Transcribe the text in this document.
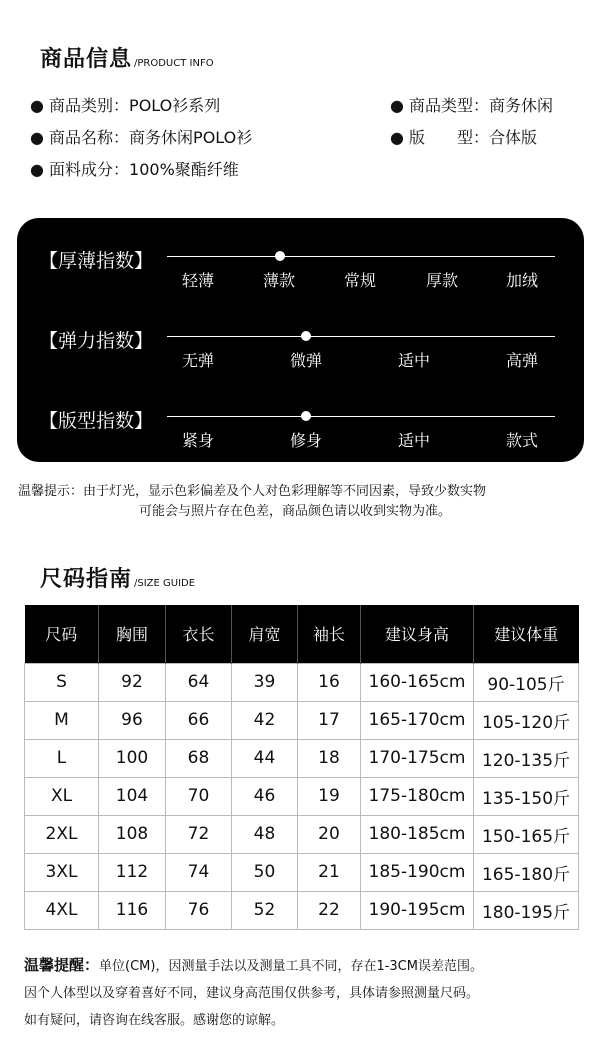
商品信息 /PRODUCT INFO
● 商品类别：POLO衫系列	● 商品类型：商务休闲
● 商品名称：商务休闲POLO衫	● 版　　型：合体版
● 面料成分：100%聚酯纤维
【厚薄指数】
轻薄	薄款	常规	厚款	加绒
【弹力指数】
无弹	微弹	适中	高弹
【版型指数】
紧身	修身	适中	款式
温馨提示：由于灯光，显示色彩偏差及个人对色彩理解等不同因素，导致少数实物
可能会与照片存在色差，商品颜色请以收到实物为准。
尺码指南 /SIZE GUIDE
尺码	胸围	衣长	肩宽	袖长	建议身高	建议体重
S	92	64	39	16	160-165cm	90-105斤
M	96	66	42	17	165-170cm	105-120斤
L	100	68	44	18	170-175cm	120-135斤
XL	104	70	46	19	175-180cm	135-150斤
2XL	108	72	48	20	180-185cm	150-165斤
3XL	112	74	50	21	185-190cm	165-180斤
4XL	116	76	52	22	190-195cm	180-195斤
温馨提醒：单位(CM)，因测量手法以及测量工具不同，存在1-3CM误差范围。
因个人体型以及穿着喜好不同，建议身高范围仅供参考，具体请参照测量尺码。
如有疑问，请咨询在线客服。感谢您的谅解。
